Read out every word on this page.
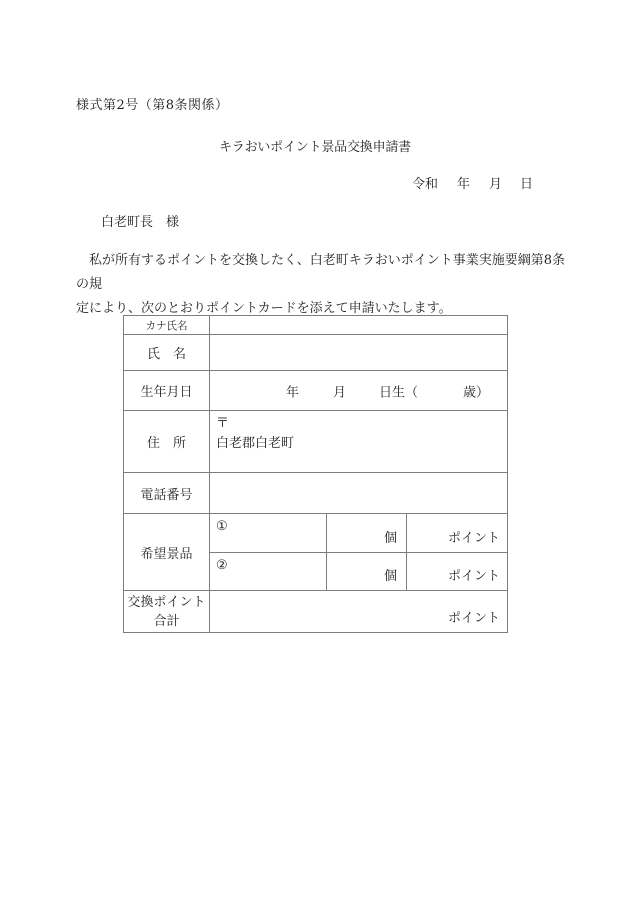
様式第2号（第8条関係）
キラおいポイント景品交換申請書
令和 年 月 日
白老町長　様
　私が所有するポイントを交換したく、白老町キラおいポイント事業実施要綱第8条の規
定により、次のとおりポイントカードを添えて申請いたします。
カナ氏名			
氏　名			
生年月日	年 月 日生（ 歳）		

住　所	〒
白老郡白老町		

電話番号			
希望景品	①	個	ポイント

	②	個	ポイント

交換ポイント
合計	ポイント		
